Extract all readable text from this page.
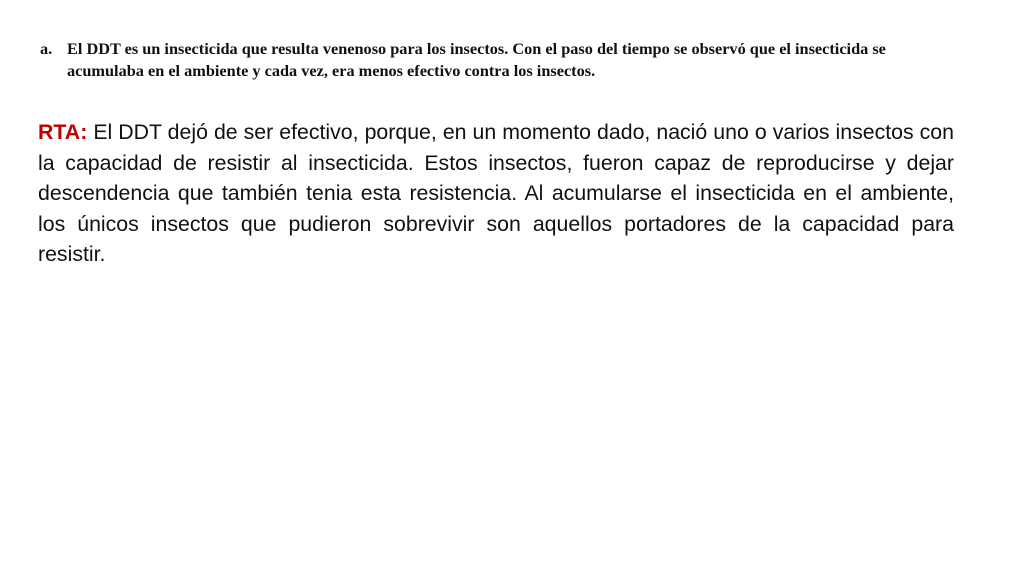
a. El DDT es un insecticida que resulta venenoso para los insectos. Con el paso del tiempo se observó que el insecticida se acumulaba en el ambiente y cada vez, era menos efectivo contra los insectos.

RTA: El DDT dejó de ser efectivo, porque, en un momento dado, nació uno o varios insectos con la capacidad de resistir al insecticida. Estos insectos, fueron capaz de reproducirse y dejar descendencia que también tenia esta resistencia. Al acumularse el insecticida en el ambiente, los únicos insectos que pudieron sobrevivir son aquellos portadores de la capacidad para resistir.
